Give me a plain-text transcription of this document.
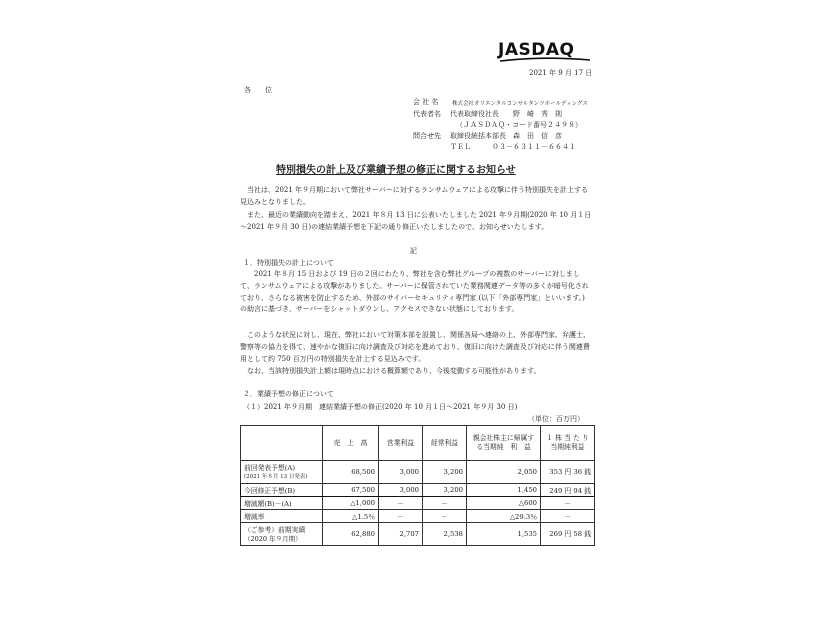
JASDAQ
2021 年 9 月 17 日
各　　位
会 社 名 株式会社オリエンタルコンサルタンツホールディングス
代表者名 代表取締役社長　　野　崎　秀　則
（ＪＡＳＤＡＱ・コード番号２４９８）
問合せ先 取締役統括本部長　森　田　信　彦
ＴＥＬ	０３－６３１１－６６４１
特別損失の計上及び業績予想の修正に関するお知らせ
当社は、2021 年９月期において弊社サーバーに対するランサムウェアによる攻撃に伴う特別損失を計上する見込みとなりました。
また、最近の業績動向を踏まえ、2021 年８月 13 日に公表いたしました 2021 年９月期(2020 年 10 月１日～2021 年９月 30 日)の連結業績予想を下記の通り修正いたしましたので、お知らせいたします。
記
１．特別損失の計上について
2021 年８月 15 日および 19 日の２回にわたり、弊社を含む弊社グループの複数のサーバーに対しまして、ランサムウェアによる攻撃がありました。サーバーに保管されていた業務関連データ等の多くが暗号化されており、さらなる被害を防止するため、外部のサイバーセキュリティ専門家 (以下「外部専門家」といいます。) の助言に基づき、サーバーをシャットダウンし、アクセスできない状態にしております。
このような状況に対し、現在、弊社において対策本部を設置し、関係各局へ連絡の上、外部専門家、弁護士、警察等の協力を得て、速やかな復旧に向け調査及び対応を進めており、復旧に向けた調査及び対応に伴う関連費用として約 750 百万円の特別損失を計上する見込みです。
なお、当該特別損失計上額は現時点における概算額であり、今後変動する可能性があります。
２．業績予想の修正について
（１）2021 年９月期　連結業績予想の修正(2020 年 10 月１日～2021 年９月 30 日)
（単位：百万円）
	売　上　高	営業利益	経常利益	親会社株主に帰属する当期純　利　益	１ 株 当 た り当期純利益
前回発表予想(A)
(2021 年８月 13 日発表)	68,500	3,000	3,200	2,050	353 円 36 銭
今回修正予想(B)	67,500	3,000	3,200	1,450	249 円 94 銭
増減額(B)－(A)	△1,000	－	－	△600	－
増減率	△1.5％	－	－	△29.3％	－
（ご参考）前期実績
（2020 年９月期）	62,880	2,707	2,538	1,535	269 円 58 銭
